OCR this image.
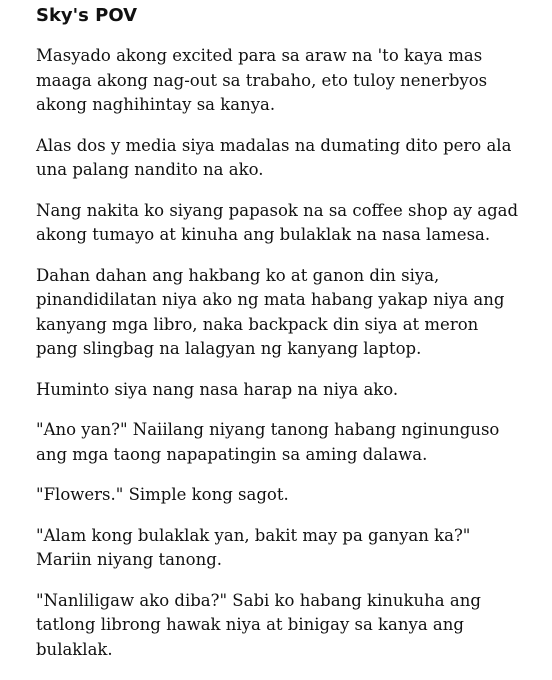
Sky's POV

Masyado akong excited para sa araw na 'to kaya mas
maaga akong nag-out sa trabaho, eto tuloy nenerbyos
akong naghihintay sa kanya.

Alas dos y media siya madalas na dumating dito pero ala
una palang nandito na ako.

Nang nakita ko siyang papasok na sa coffee shop ay agad
akong tumayo at kinuha ang bulaklak na nasa lamesa.

Dahan dahan ang hakbang ko at ganon din siya,
pinandidilatan niya ako ng mata habang yakap niya ang
kanyang mga libro, naka backpack din siya at meron
pang slingbag na lalagyan ng kanyang laptop.

Huminto siya nang nasa harap na niya ako.

"Ano yan?" Naiilang niyang tanong habang nginunguso
ang mga taong napapatingin sa aming dalawa.

"Flowers." Simple kong sagot.

"Alam kong bulaklak yan, bakit may pa ganyan ka?"
Mariin niyang tanong.

"Nanliligaw ako diba?" Sabi ko habang kinukuha ang
tatlong librong hawak niya at binigay sa kanya ang
bulaklak.
